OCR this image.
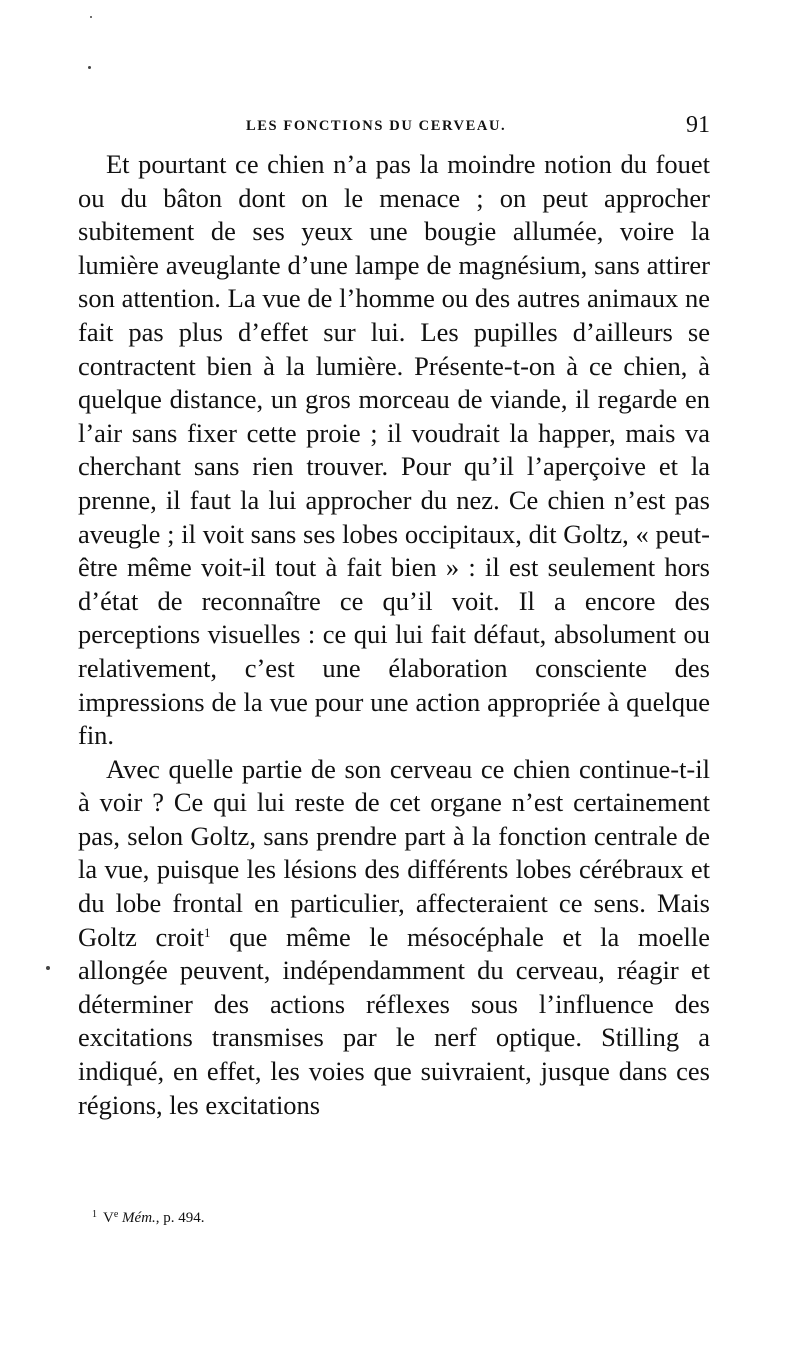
LES FONCTIONS DU CERVEAU.	91

Et pourtant ce chien n’a pas la moindre notion du fouet ou du bâton dont on le menace ; on peut approcher subitement de ses yeux une bougie allumée, voire la lumière aveuglante d’une lampe de magnésium, sans attirer son attention. La vue de l’homme ou des autres animaux ne fait pas plus d’effet sur lui. Les pupilles d’ailleurs se contractent bien à la lumière. Présente-t-on à ce chien, à quelque distance, un gros morceau de viande, il regarde en l’air sans fixer cette proie ; il voudrait la happer, mais va cherchant sans rien trouver. Pour qu’il l’aperçoive et la prenne, il faut la lui approcher du nez. Ce chien n’est pas aveugle ; il voit sans ses lobes occipitaux, dit Goltz, « peut-être même voit-il tout à fait bien » : il est seulement hors d’état de reconnaître ce qu’il voit. Il a encore des perceptions visuelles : ce qui lui fait défaut, absolument ou relativement, c’est une élaboration consciente des impressions de la vue pour une action appropriée à quelque fin.

Avec quelle partie de son cerveau ce chien continue-t-il à voir ? Ce qui lui reste de cet organe n’est certainement pas, selon Goltz, sans prendre part à la fonction centrale de la vue, puisque les lésions des différents lobes cérébraux et du lobe frontal en particulier, affecteraient ce sens. Mais Goltz croit$^1$ que même le mésocéphale et la moelle allongée peuvent, indépendamment du cerveau, réagir et déterminer des actions réflexes sous l’influence des excitations transmises par le nerf optique. Stilling a indiqué, en effet, les voies que suivraient, jusque dans ces régions, les excitations

$^1$ Ve Mém., p. 494.
